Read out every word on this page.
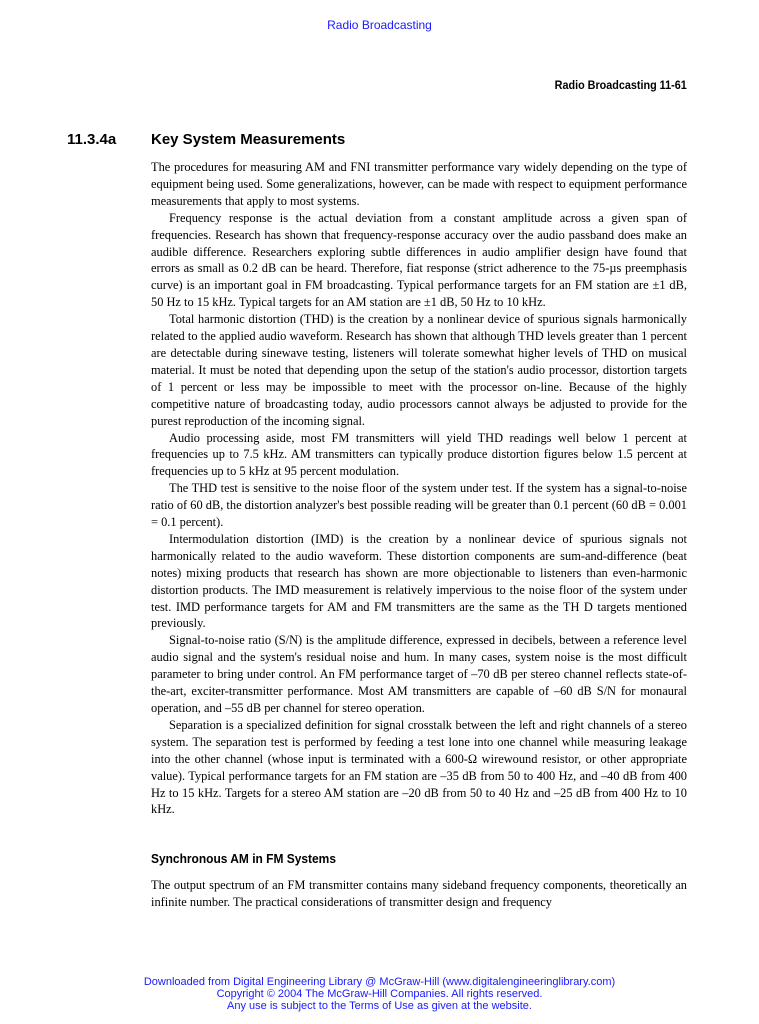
Radio Broadcasting
Radio Broadcasting 11-61
11.3.4a Key System Measurements

The procedures for measuring AM and FNI transmitter performance vary widely depending on the type of equipment being used. Some generalizations, however, can be made with respect to equipment performance measurements that apply to most systems.

Frequency response is the actual deviation from a constant amplitude across a given span of frequencies. Research has shown that frequency-response accuracy over the audio passband does make an audible difference. Researchers exploring subtle differences in audio amplifier design have found that errors as small as 0.2 dB can be heard. Therefore, fiat response (strict adherence to the 75-µs preemphasis curve) is an important goal in FM broadcasting. Typical performance targets for an FM station are ±1 dB, 50 Hz to 15 kHz. Typical targets for an AM station are ±1 dB, 50 Hz to 10 kHz.

Total harmonic distortion (THD) is the creation by a nonlinear device of spurious signals harmonically related to the applied audio waveform. Research has shown that although THD levels greater than 1 percent are detectable during sinewave testing, listeners will tolerate somewhat higher levels of THD on musical material. It must be noted that depending upon the setup of the station's audio processor, distortion targets of 1 percent or less may be impossible to meet with the processor on-line. Because of the highly competitive nature of broadcasting today, audio processors cannot always be adjusted to provide for the purest reproduction of the incoming signal.

Audio processing aside, most FM transmitters will yield THD readings well below 1 percent at frequencies up to 7.5 kHz. AM transmitters can typically produce distortion figures below 1.5 percent at frequencies up to 5 kHz at 95 percent modulation.

The THD test is sensitive to the noise floor of the system under test. If the system has a signal-to-noise ratio of 60 dB, the distortion analyzer's best possible reading will be greater than 0.1 percent (60 dB = 0.001 = 0.1 percent).

Intermodulation distortion (IMD) is the creation by a nonlinear device of spurious signals not harmonically related to the audio waveform. These distortion components are sum-and-difference (beat notes) mixing products that research has shown are more objectionable to listeners than even-harmonic distortion products. The IMD measurement is relatively impervious to the noise floor of the system under test. IMD performance targets for AM and FM transmitters are the same as the TH D targets mentioned previously.

Signal-to-noise ratio (S/N) is the amplitude difference, expressed in decibels, between a reference level audio signal and the system's residual noise and hum. In many cases, system noise is the most difficult parameter to bring under control. An FM performance target of –70 dB per stereo channel reflects state-of-the-art, exciter-transmitter performance. Most AM transmitters are capable of –60 dB S/N for monaural operation, and –55 dB per channel for stereo operation.

Separation is a specialized definition for signal crosstalk between the left and right channels of a stereo system. The separation test is performed by feeding a test lone into one channel while measuring leakage into the other channel (whose input is terminated with a 600-Ω wirewound resistor, or other appropriate value). Typical performance targets for an FM station are –35 dB from 50 to 400 Hz, and –40 dB from 400 Hz to 15 kHz. Targets for a stereo AM station are –20 dB from 50 to 40 Hz and –25 dB from 400 Hz to 10 kHz.

Synchronous AM in FM Systems

The output spectrum of an FM transmitter contains many sideband frequency components, theoretically an infinite number. The practical considerations of transmitter design and frequency

Downloaded from Digital Engineering Library @ McGraw-Hill (www.digitalengineeringlibrary.com)
Copyright © 2004 The McGraw-Hill Companies. All rights reserved.
Any use is subject to the Terms of Use as given at the website.
